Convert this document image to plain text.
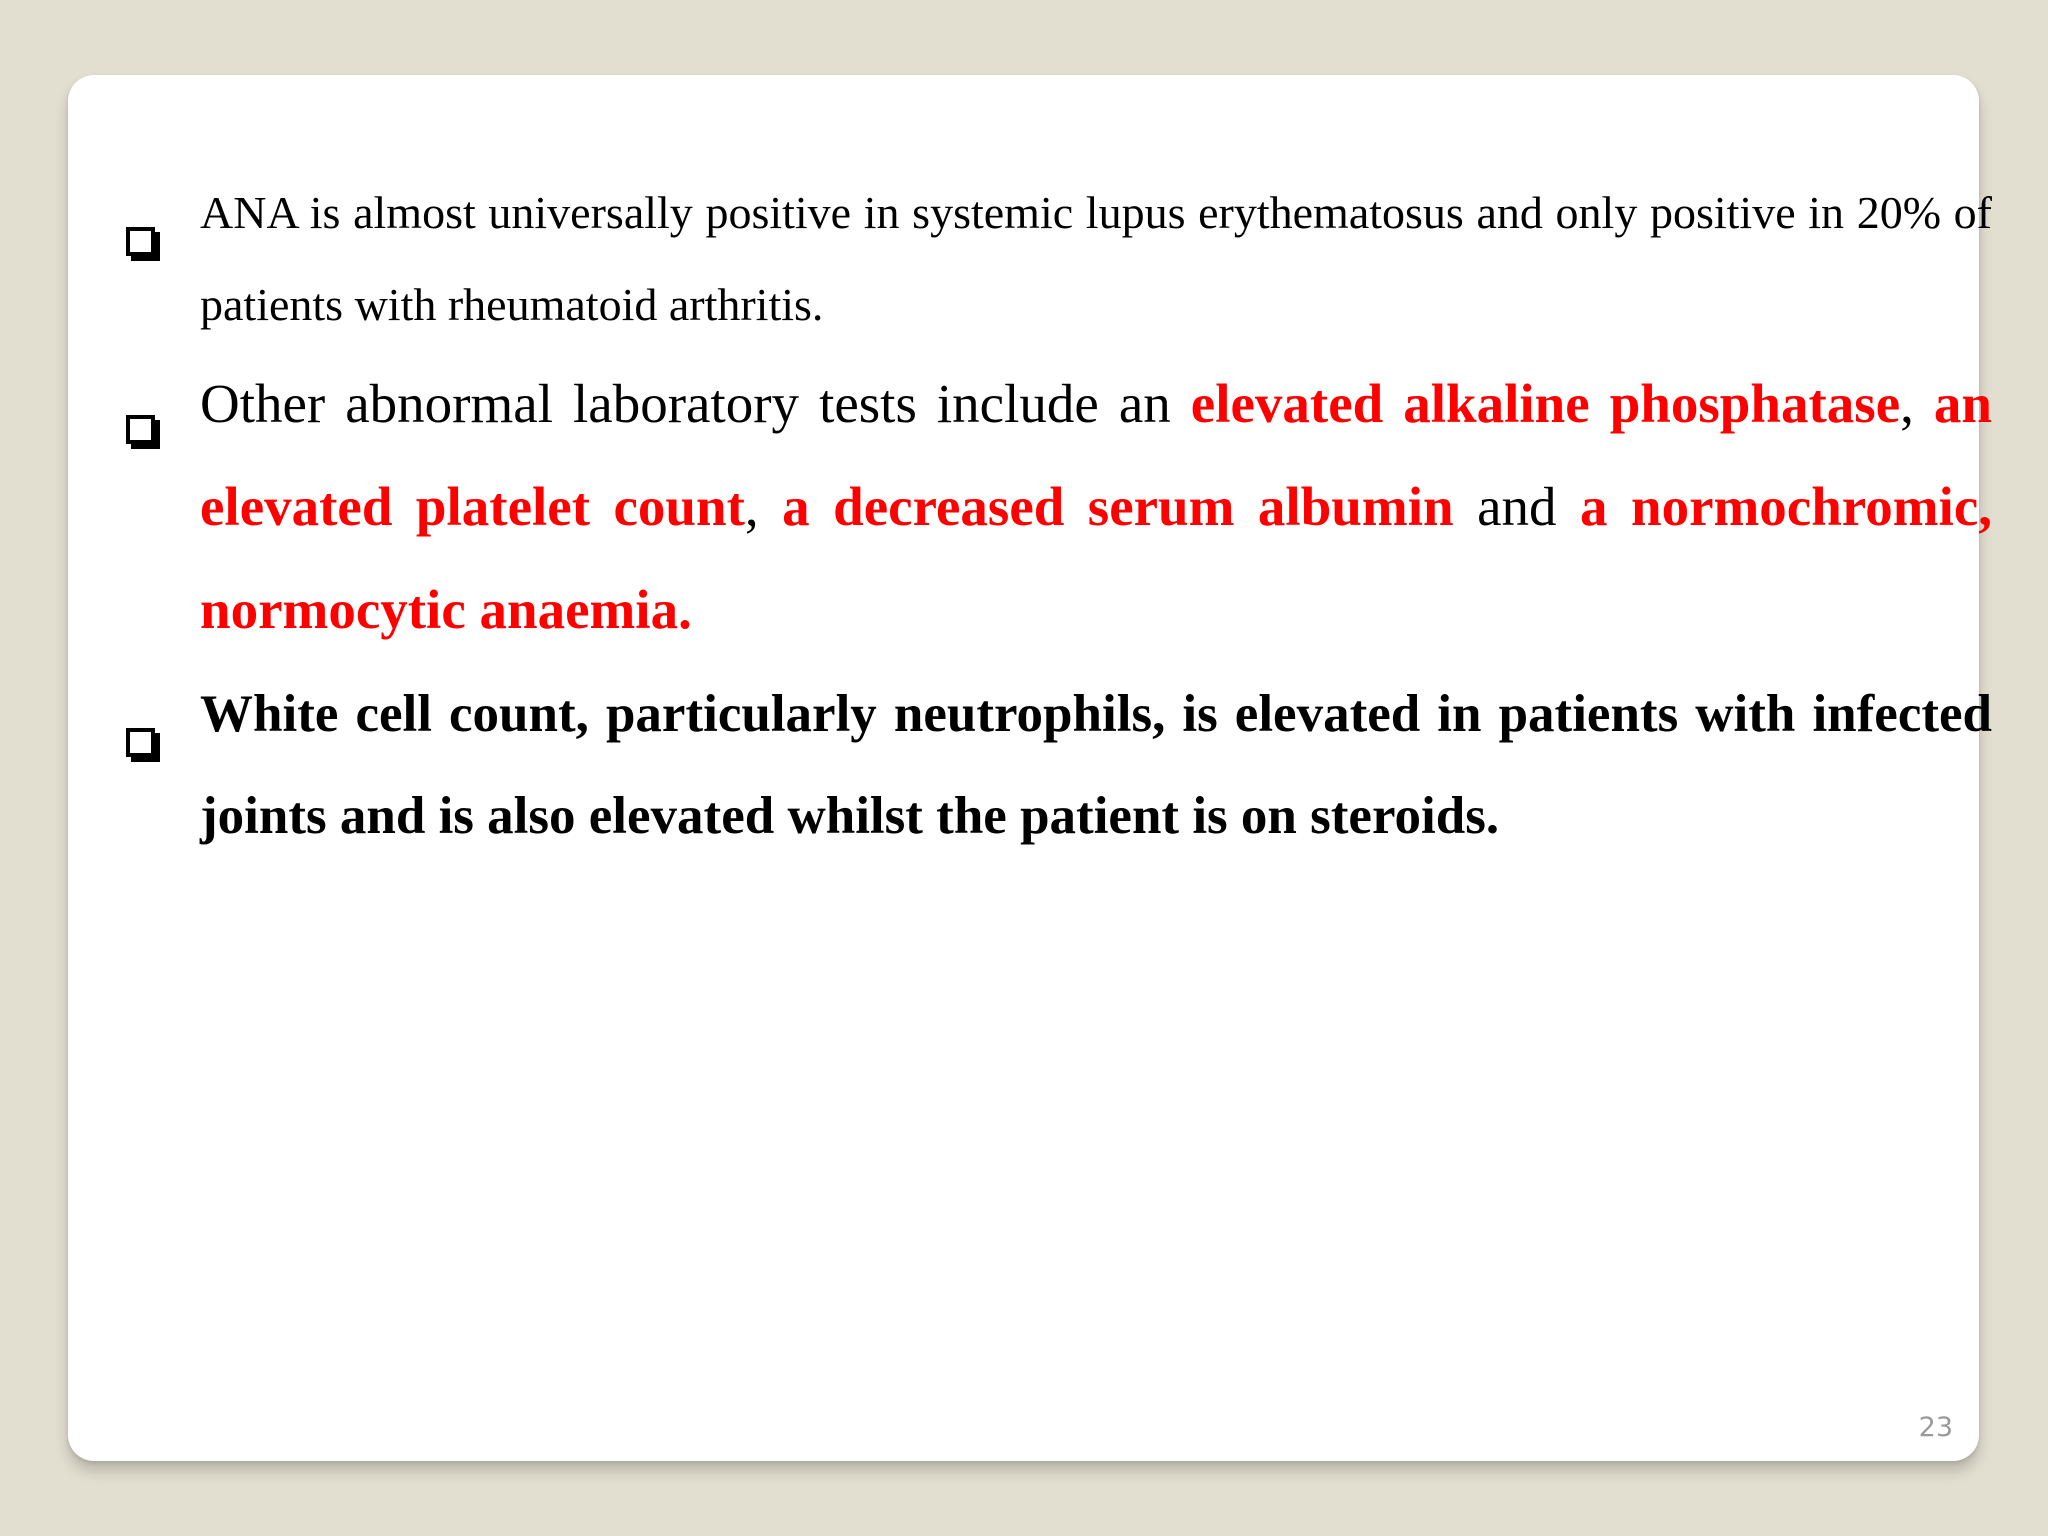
ANA is almost universally positive in systemic lupus erythematosus and only positive in 20% of patients with rheumatoid arthritis.

Other abnormal laboratory tests include an elevated alkaline phosphatase, an elevated platelet count, a decreased serum albumin and a normochromic, normocytic anaemia.

White cell count, particularly neutrophils, is elevated in patients with infected joints and is also elevated whilst the patient is on steroids.

23
